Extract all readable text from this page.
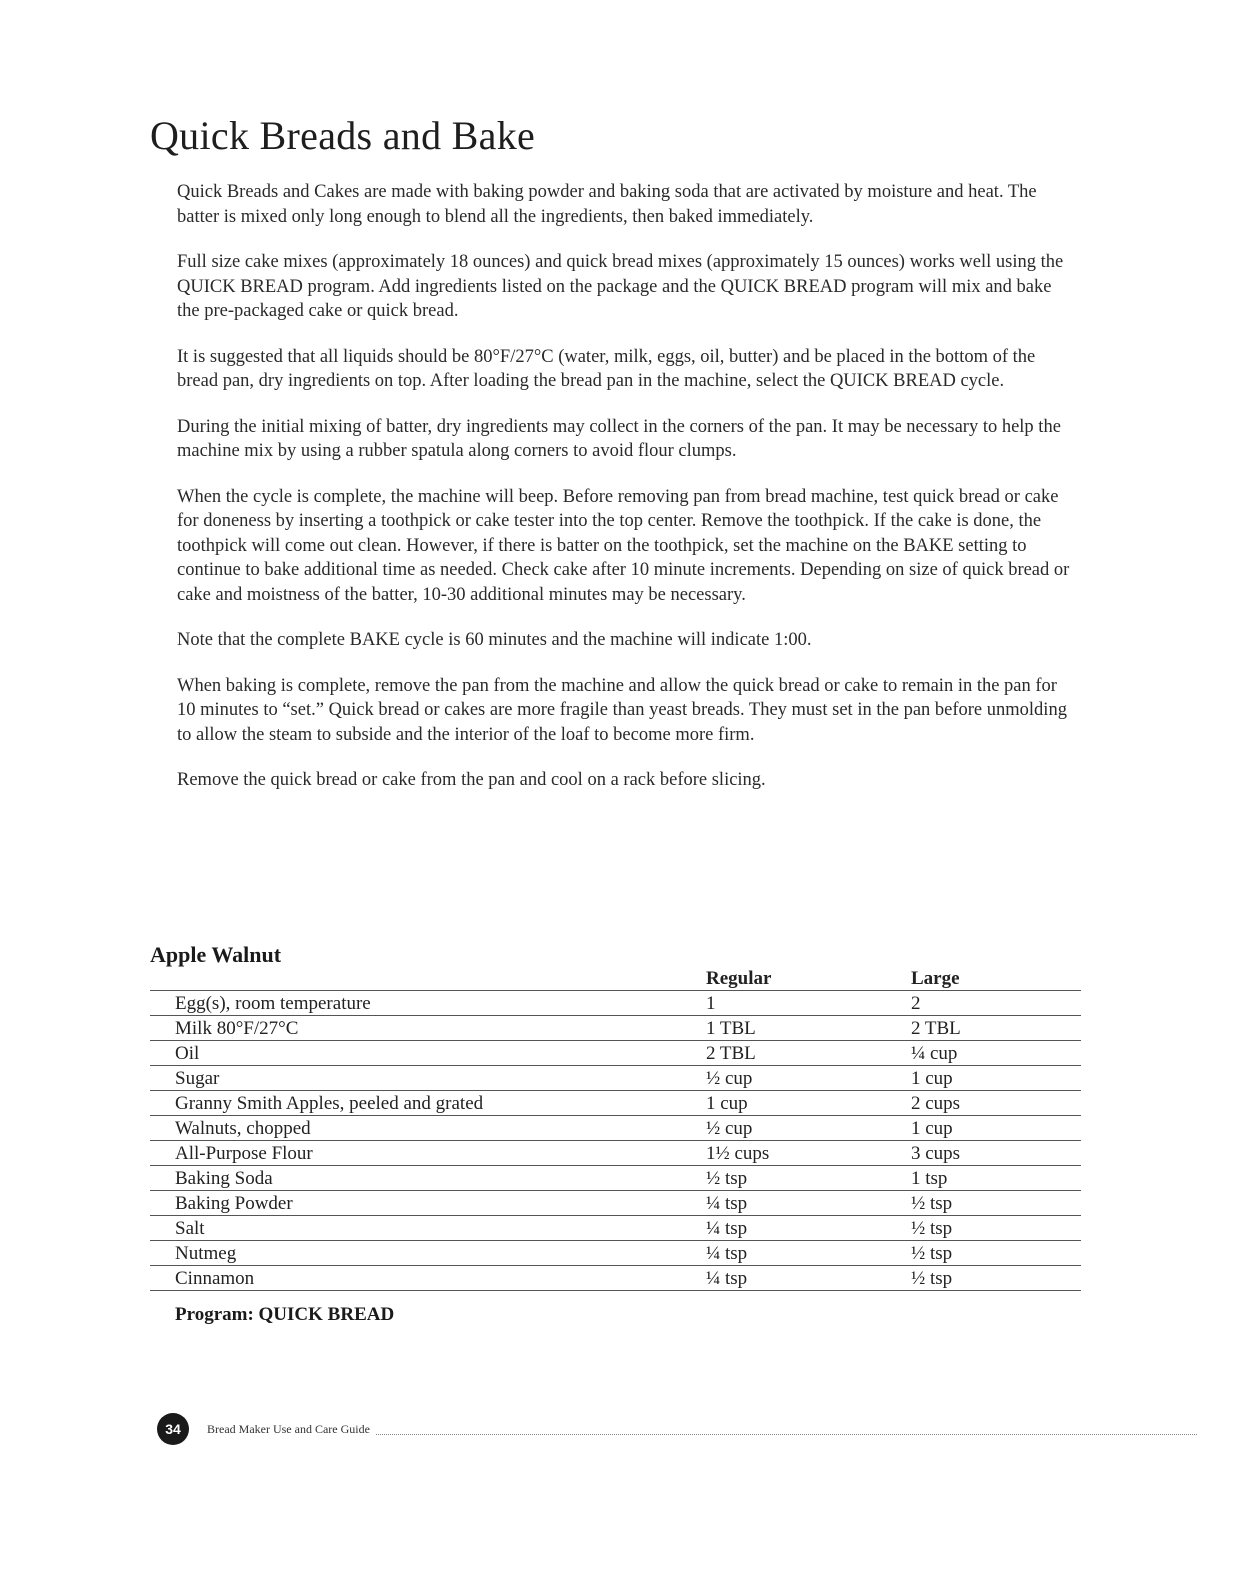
Quick Breads and Bake

Quick Breads and Cakes are made with baking powder and baking soda that are activated by moisture and heat. The batter is mixed only long enough to blend all the ingredients, then baked immediately.

Full size cake mixes (approximately 18 ounces) and quick bread mixes (approximately 15 ounces) works well using the QUICK BREAD program. Add ingredients listed on the package and the QUICK BREAD program will mix and bake the pre-packaged cake or quick bread.

It is suggested that all liquids should be 80°F/27°C (water, milk, eggs, oil, butter) and be placed in the bottom of the bread pan, dry ingredients on top. After loading the bread pan in the machine, select the QUICK BREAD cycle.

During the initial mixing of batter, dry ingredients may collect in the corners of the pan. It may be necessary to help the machine mix by using a rubber spatula along corners to avoid flour clumps.

When the cycle is complete, the machine will beep. Before removing pan from bread machine, test quick bread or cake for doneness by inserting a toothpick or cake tester into the top center. Remove the toothpick. If the cake is done, the toothpick will come out clean. However, if there is batter on the toothpick, set the machine on the BAKE setting to continue to bake additional time as needed. Check cake after 10 minute increments. Depending on size of quick bread or cake and moistness of the batter, 10-30 additional minutes may be necessary.

Note that the complete BAKE cycle is 60 minutes and the machine will indicate 1:00.

When baking is complete, remove the pan from the machine and allow the quick bread or cake to remain in the pan for 10 minutes to “set.” Quick bread or cakes are more fragile than yeast breads. They must set in the pan before unmolding to allow the steam to subside and the interior of the loaf to become more firm.

Remove the quick bread or cake from the pan and cool on a rack before slicing.

Apple Walnut
Regular	Large
Egg(s), room temperature	1	2
Milk 80°F/27°C	1 TBL	2 TBL
Oil	2 TBL	¼ cup
Sugar	½ cup	1 cup
Granny Smith Apples, peeled and grated	1 cup	2 cups
Walnuts, chopped	½ cup	1 cup
All-Purpose Flour	1½ cups	3 cups
Baking Soda	½ tsp	1 tsp
Baking Powder	¼ tsp	½ tsp
Salt	¼ tsp	½ tsp
Nutmeg	¼ tsp	½ tsp
Cinnamon	¼ tsp	½ tsp
Program: QUICK BREAD
34	Bread Maker Use and Care Guide
